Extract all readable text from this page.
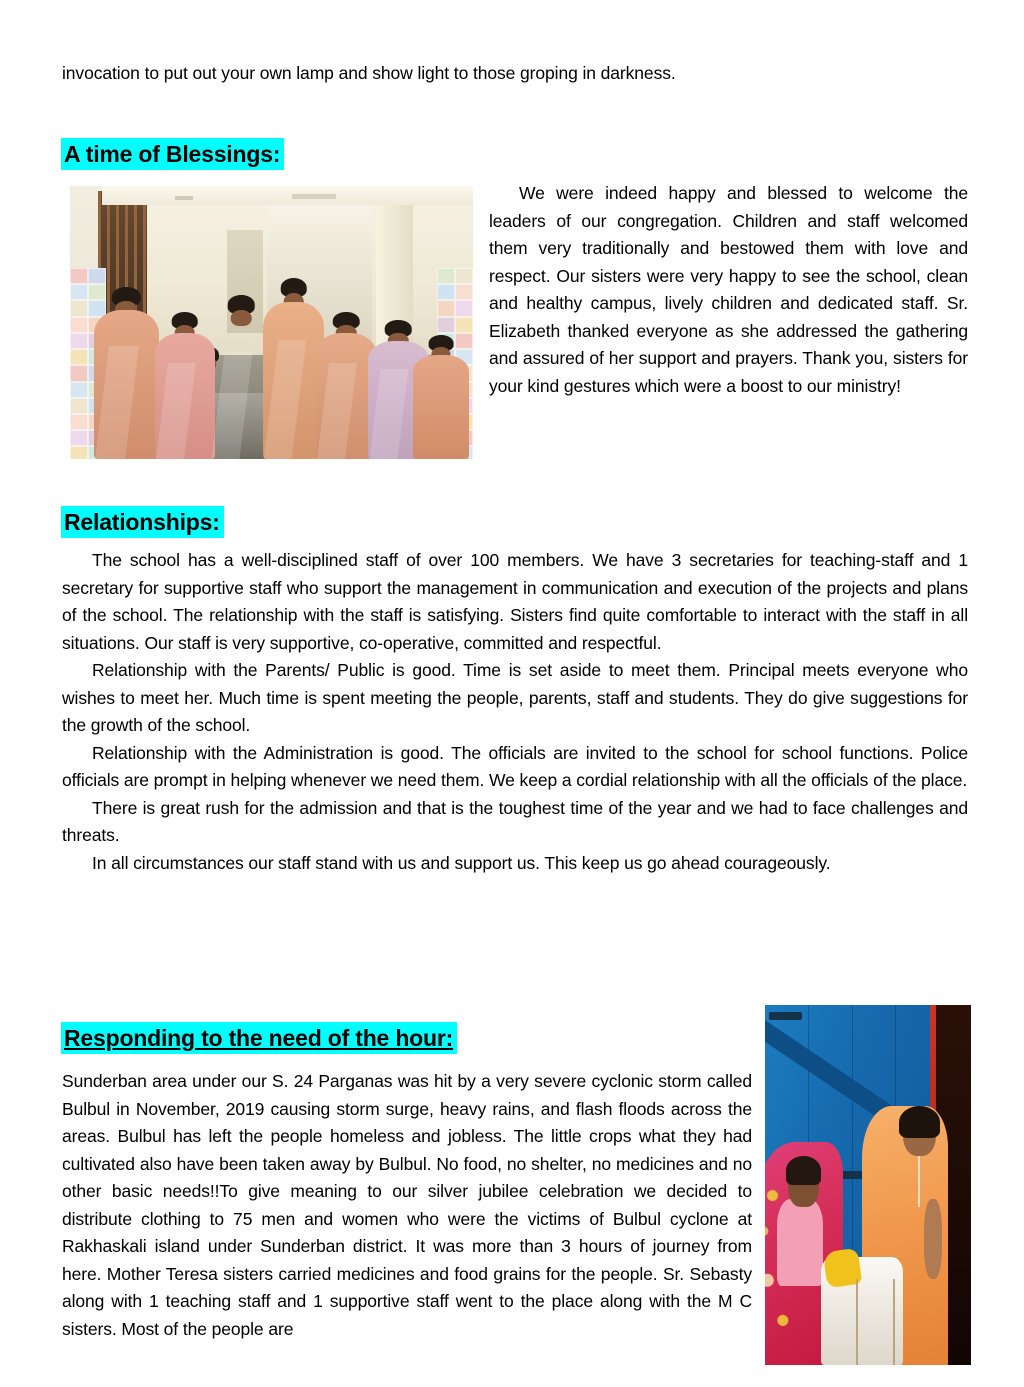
invocation to put out your own lamp and show light to those groping in darkness.

A time of Blessings:

We were indeed happy and blessed to welcome the leaders of our congregation. Children and staff welcomed them very traditionally and bestowed them with love and respect. Our sisters were very happy to see the school, clean and healthy campus, lively children and dedicated staff. Sr. Elizabeth thanked everyone as she addressed the gathering and assured of her support and prayers. Thank you, sisters for your kind gestures which were a boost to our ministry!

Relationships:

The school has a well-disciplined staff of over 100 members. We have 3 secretaries for teaching-staff and 1 secretary for supportive staff who support the management in communication and execution of the projects and plans of the school. The relationship with the staff is satisfying. Sisters find quite comfortable to interact with the staff in all situations. Our staff is very supportive, co-operative, committed and respectful.

Relationship with the Parents/ Public is good. Time is set aside to meet them. Principal meets everyone who wishes to meet her. Much time is spent meeting the people, parents, staff and students. They do give suggestions for the growth of the school.

Relationship with the Administration is good. The officials are invited to the school for school functions. Police officials are prompt in helping whenever we need them. We keep a cordial relationship with all the officials of the place.

There is great rush for the admission and that is the toughest time of the year and we had to face challenges and threats.

In all circumstances our staff stand with us and support us. This keep us go ahead courageously.

Responding to the need of the hour:

Sunderban area under our S. 24 Parganas was hit by a very severe cyclonic storm called Bulbul in November, 2019 causing storm surge, heavy rains, and flash floods across the areas. Bulbul has left the people homeless and jobless. The little crops what they had cultivated also have been taken away by Bulbul. No food, no shelter, no medicines and no other basic needs!!To give meaning to our silver jubilee celebration we decided to distribute clothing to 75 men and women who were the victims of Bulbul cyclone at Rakhaskali island under Sunderban district. It was more than 3 hours of journey from here. Mother Teresa sisters carried medicines and food grains for the people. Sr. Sebasty along with 1 teaching staff and 1 supportive staff went to the place along with the M C sisters. Most of the people are
